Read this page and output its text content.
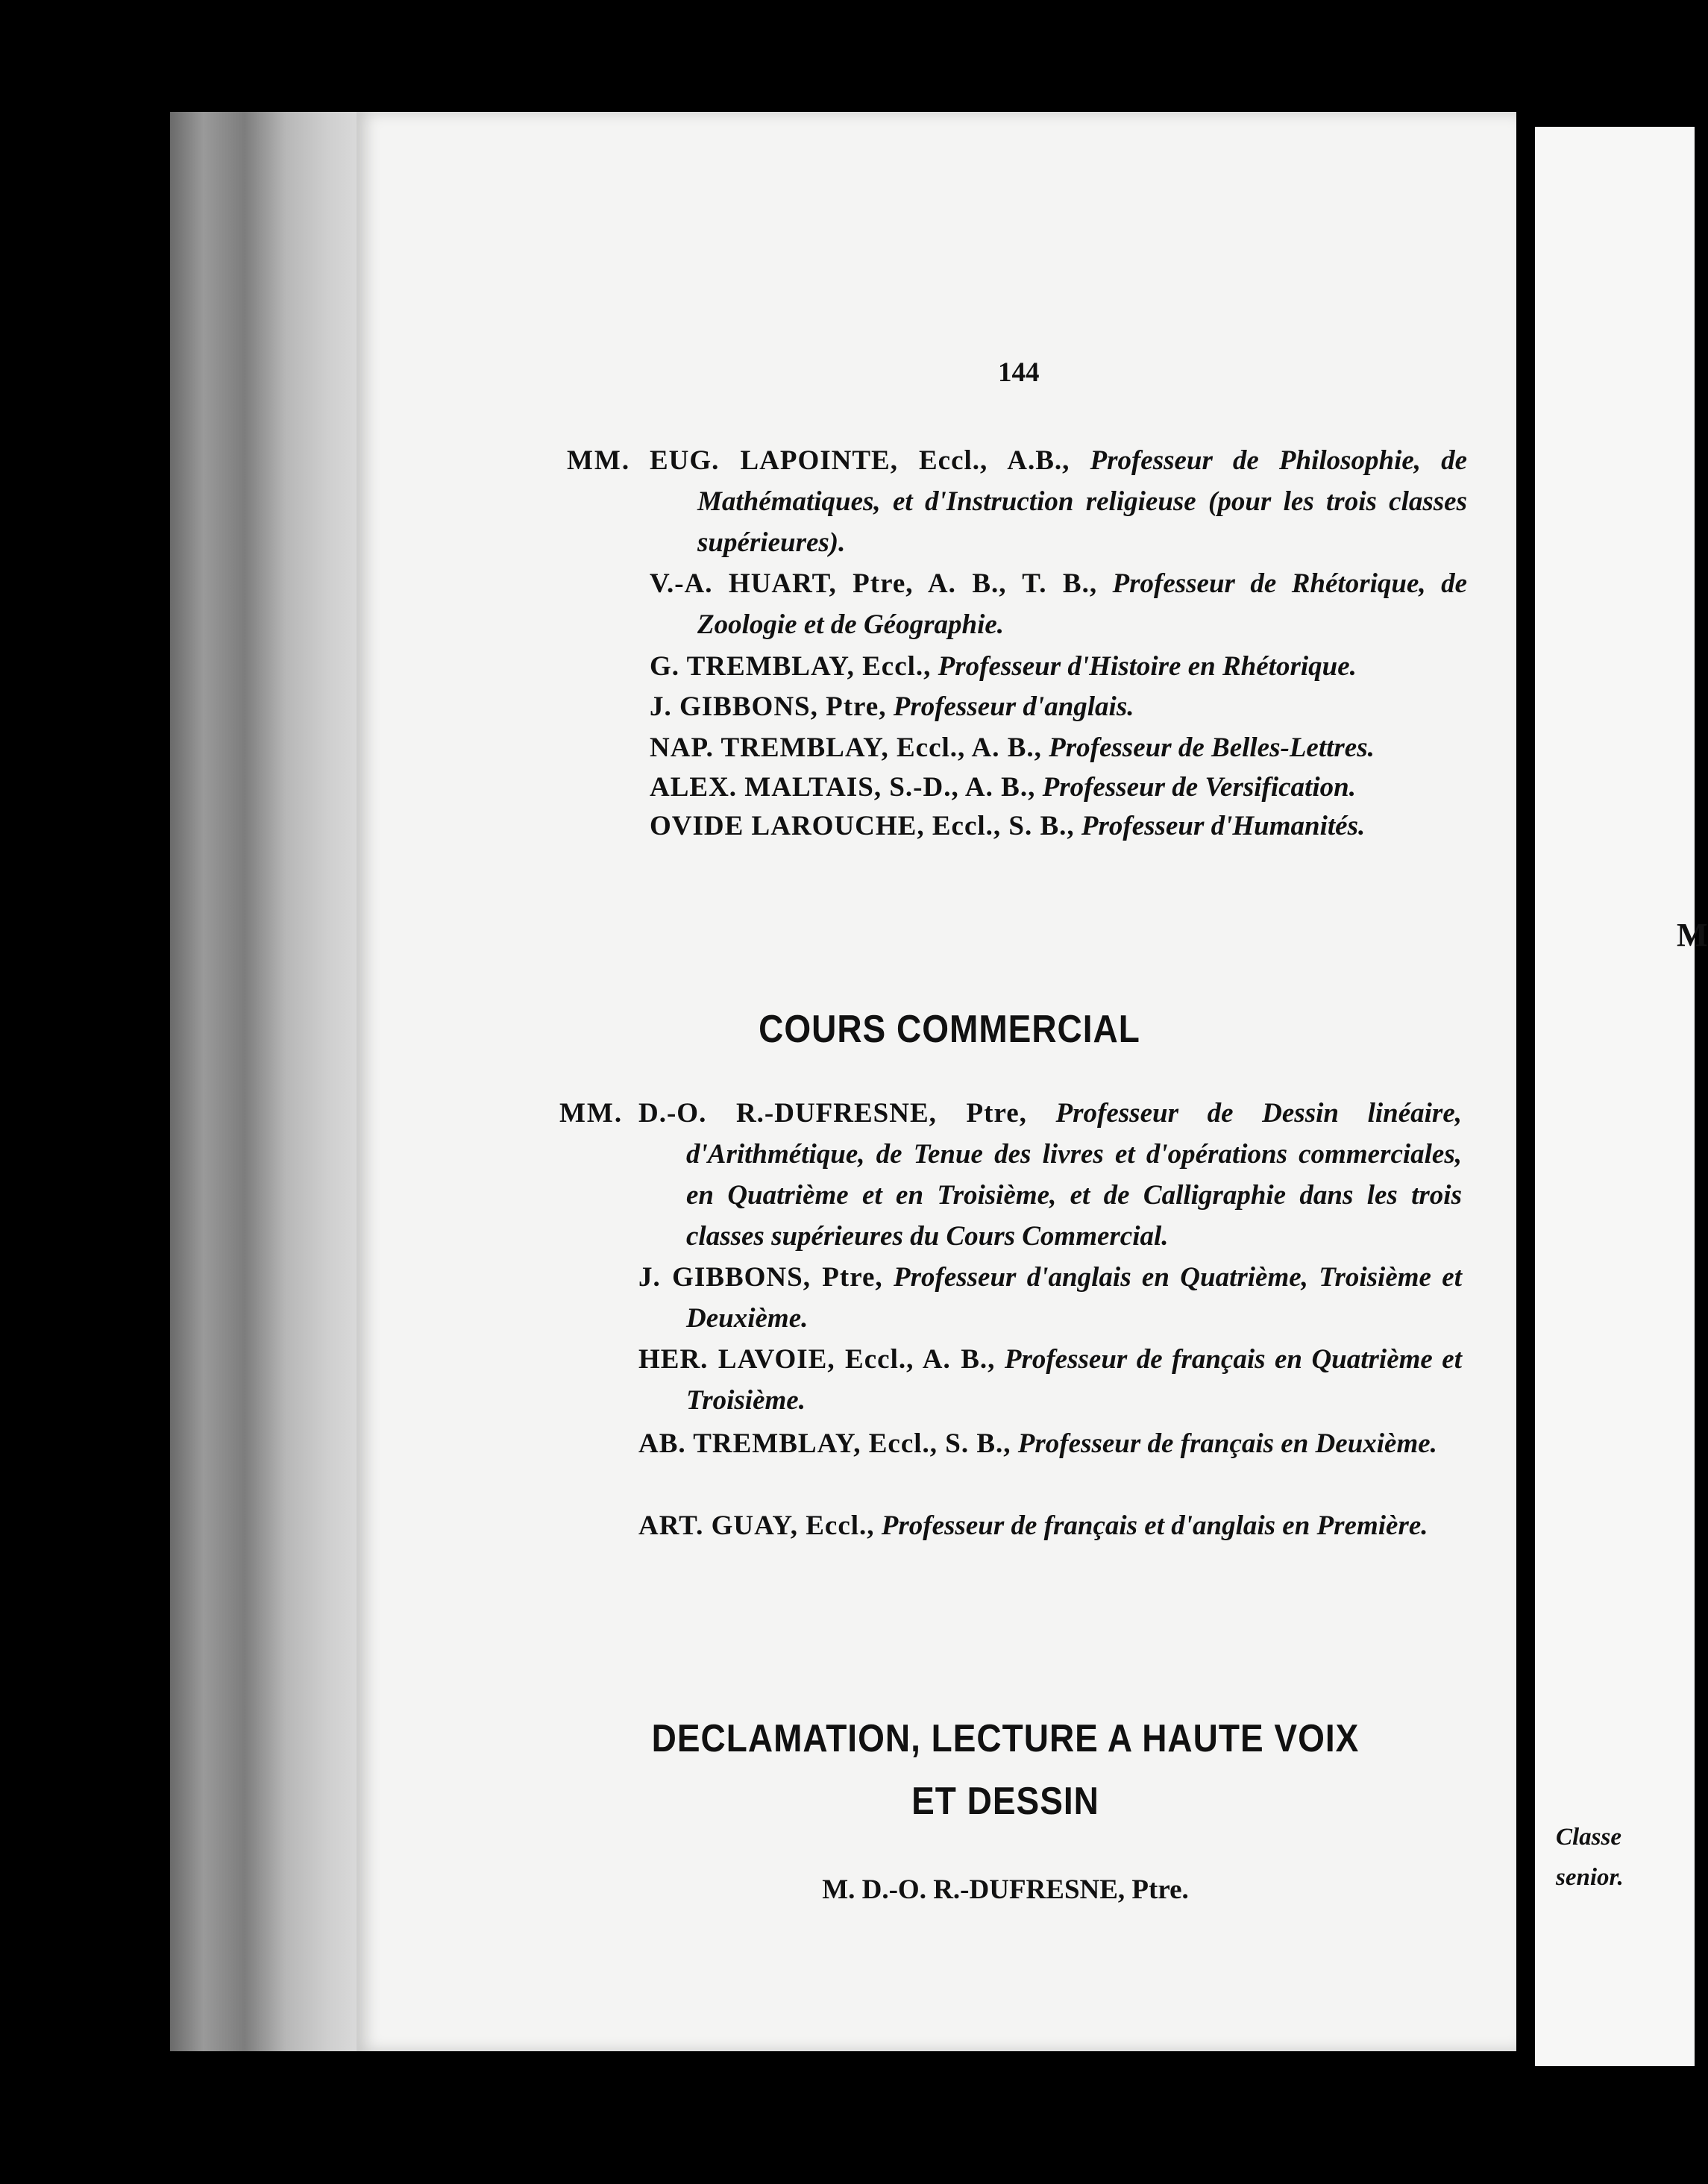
M
Classe senior.
144
MM. EUG. LAPOINTE, Eccl., A.B., Professeur de Philosophie, de Mathématiques, et d'Instruction religieuse (pour les trois classes supérieures).
V.-A. HUART, Ptre, A. B., T. B., Professeur de Rhétorique, de Zoologie et de Géographie.
G. TREMBLAY, Eccl., Professeur d'Histoire en Rhétorique.
J. GIBBONS, Ptre, Professeur d'anglais.
NAP. TREMBLAY, Eccl., A. B., Professeur de Belles-Lettres.
ALEX. MALTAIS, S.-D., A. B., Professeur de Versification.
OVIDE LAROUCHE, Eccl., S. B., Professeur d'Humanités.
COURS COMMERCIAL
MM. D.-O. R.-DUFRESNE, Ptre, Professeur de Dessin linéaire, d'Arithmétique, de Tenue des livres et d'opérations commerciales, en Quatrième et en Troisième, et de Calligraphie dans les trois classes supérieures du Cours Commercial.
J. GIBBONS, Ptre, Professeur d'anglais en Quatrième, Troisième et Deuxième.
HER. LAVOIE, Eccl., A. B., Professeur de français en Quatrième et Troisième.
AB. TREMBLAY, Eccl., S. B., Professeur de français en Deuxième.
ART. GUAY, Eccl., Professeur de français et d'anglais en Première.
DECLAMATION, LECTURE A HAUTE VOIX
ET DESSIN
M. D.-O. R.-DUFRESNE, Ptre.
